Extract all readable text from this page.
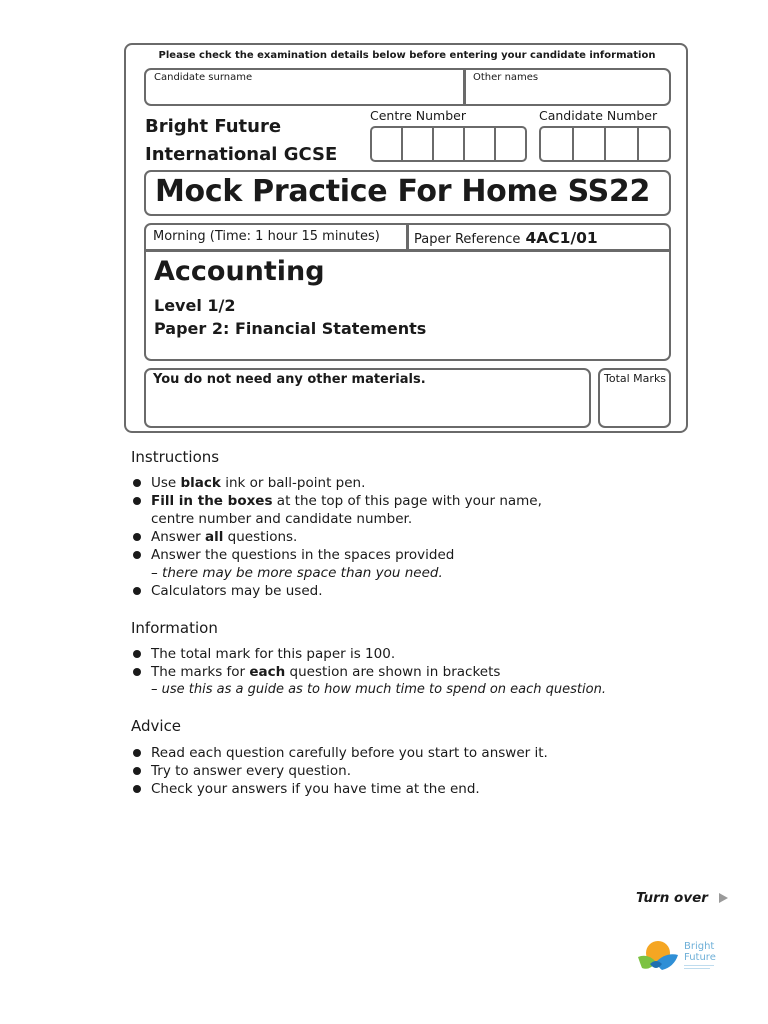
Please check the examination details below before entering your candidate information
Candidate surname	Other names
Bright Future
International GCSE
Centre Number	Candidate Number
Mock Practice For Home SS22
Morning (Time: 1 hour 15 minutes)	Paper Reference 4AC1/01
Accounting
Level 1/2
Paper 2: Financial Statements
You do not need any other materials.	Total Marks
Instructions
Use black ink or ball-point pen.
Fill in the boxes at the top of this page with your name,
centre number and candidate number.
Answer all questions.
Answer the questions in the spaces provided
– there may be more space than you need.
Calculators may be used.
Information
The total mark for this paper is 100.
The marks for each question are shown in brackets
– use this as a guide as to how much time to spend on each question.
Advice
Read each question carefully before you start to answer it.
Try to answer every question.
Check your answers if you have time at the end.
Turn over
Bright
Future
